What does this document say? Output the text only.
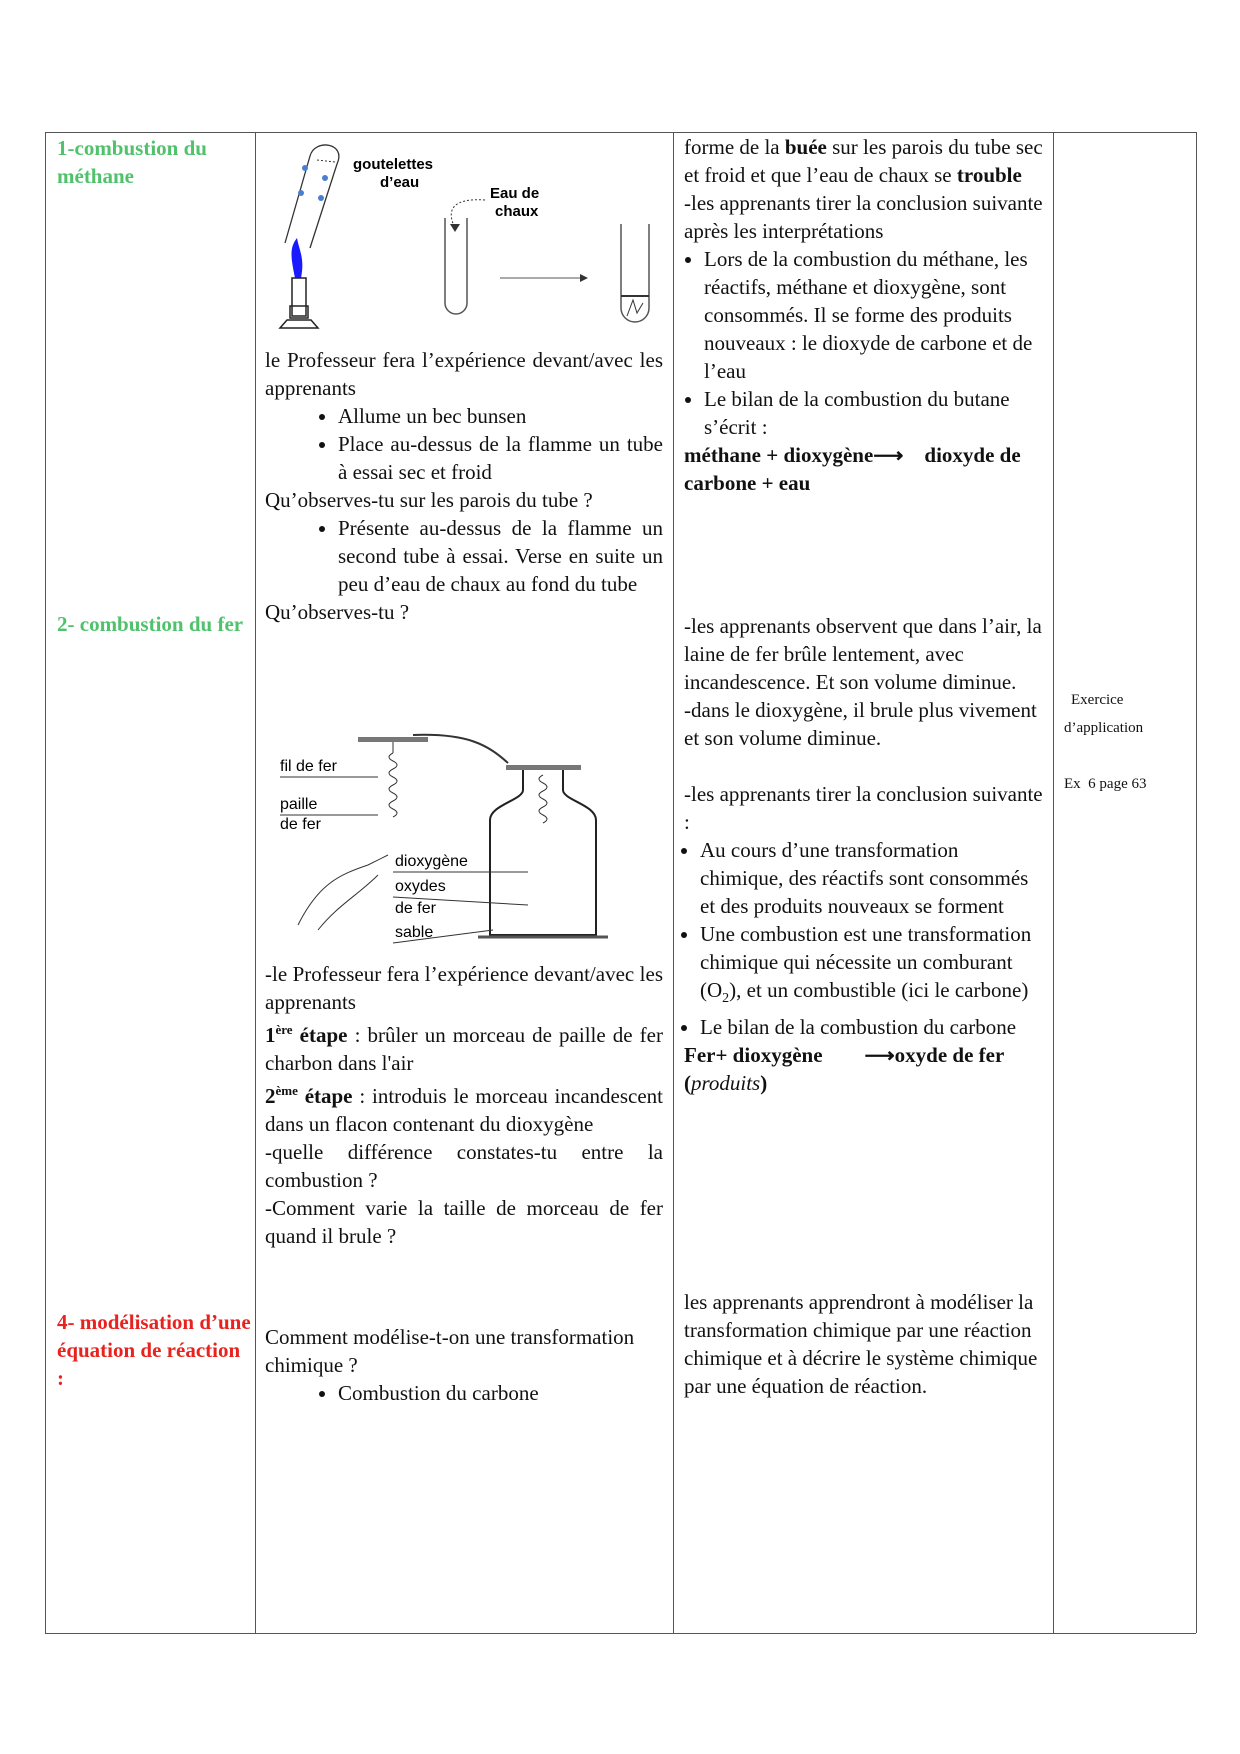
1-combustion du méthane
2- combustion du fer
4- modélisation d’une équation de réaction :
goutelettes
d’eau
Eau de
chaux
le Professeur fera l’expérience devant/avec les apprenants
• Allume un bec bunsen
• Place au-dessus de la flamme un tube à essai sec et froid
Qu’observes-tu sur les parois du tube ?
• Présente au-dessus de la flamme un second tube à essai. Verse en suite un peu d’eau de chaux au fond du tube
Qu’observes-tu ?
fil de fer
paille
de fer
dioxygène
oxydes
de fer
sable
-le Professeur fera l’expérience devant/avec les apprenants
1ère étape : brûler un morceau de paille de fer charbon dans l'air
2ème étape : introduis le morceau incandescent dans un flacon contenant du dioxygène
-quelle différence constates-tu entre la combustion ?
-Comment varie la taille de morceau de fer quand il brule ?
Comment modélise-t-on une transformation chimique ?
• Combustion du carbone
forme de la buée sur les parois du tube sec et froid et que l’eau de chaux se trouble
-les apprenants tirer la conclusion suivante après les interprétations
• Lors de la combustion du méthane, les réactifs, méthane et dioxygène, sont consommés. Il se forme des produits nouveaux : le dioxyde de carbone et de l’eau
• Le bilan de la combustion du butane s’écrit :
méthane + dioxygène⟶    dioxyde de carbone + eau
-les apprenants observent que dans l’air, la laine de fer brûle lentement, avec incandescence. Et son volume diminue.
-dans le dioxygène, il brule plus vivement et son volume diminue.
-les apprenants tirer la conclusion suivante :
• Au cours d’une transformation chimique, des réactifs sont consommés et des produits nouveaux se forment
• Une combustion est une transformation chimique qui nécessite un comburant $(O_2)$, et un combustible (ici le carbone)
• Le bilan de la combustion du carbone
Fer+ dioxygène        ⟶oxyde de fer (produits)
les apprenants apprendront à modéliser la transformation chimique par une réaction chimique et à décrire le système chimique par une équation de réaction.
Exercice
d’application
Ex  6 page 63
